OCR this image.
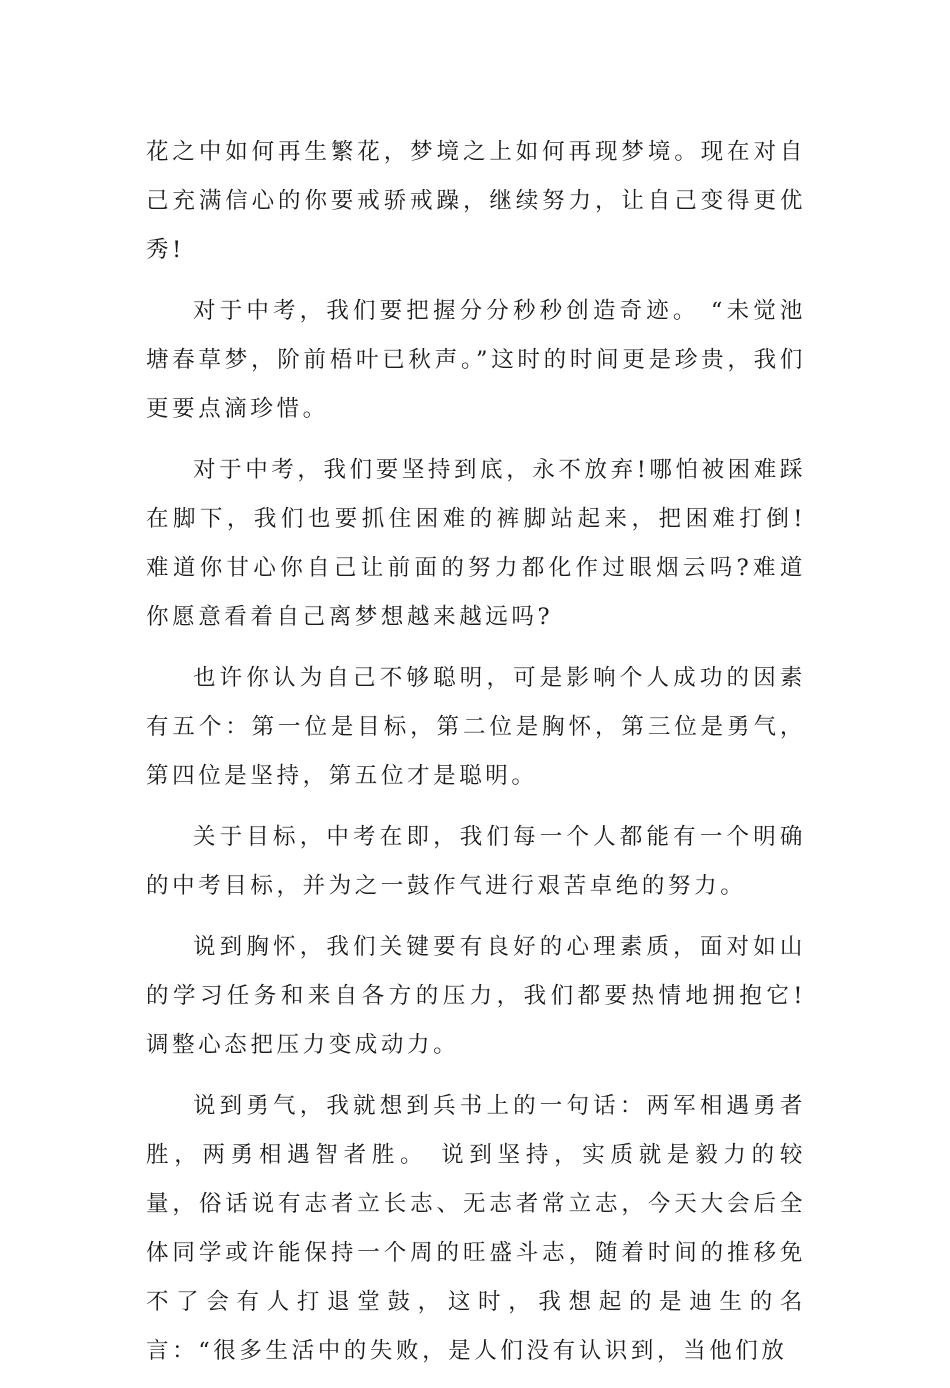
花之中如何再生繁花，梦境之上如何再现梦境。现在对自己充满信心的你要戒骄戒躁，继续努力，让自己变得更优秀!

对于中考，我们要把握分分秒秒创造奇迹。 “未觉池塘春草梦，阶前梧叶已秋声。”这时的时间更是珍贵，我们更要点滴珍惜。

对于中考，我们要坚持到底，永不放弃!哪怕被困难踩在脚下，我们也要抓住困难的裤脚站起来，把困难打倒!难道你甘心你自己让前面的努力都化作过眼烟云吗?难道你愿意看着自己离梦想越来越远吗?

也许你认为自己不够聪明，可是影响个人成功的因素有五个：第一位是目标，第二位是胸怀，第三位是勇气，第四位是坚持，第五位才是聪明。

关于目标，中考在即，我们每一个人都能有一个明确的中考目标，并为之一鼓作气进行艰苦卓绝的努力。

说到胸怀，我们关键要有良好的心理素质，面对如山的学习任务和来自各方的压力，我们都要热情地拥抱它!调整心态把压力变成动力。

说到勇气，我就想到兵书上的一句话：两军相遇勇者胜，两勇相遇智者胜。 说到坚持，实质就是毅力的较量，俗话说有志者立长志、无志者常立志，今天大会后全体同学或许能保持一个周的旺盛斗志，随着时间的推移免不了会有人打退堂鼓，这时，我想起的是迪生的名言：“很多生活中的失败，是人们没有认识到，当他们放
